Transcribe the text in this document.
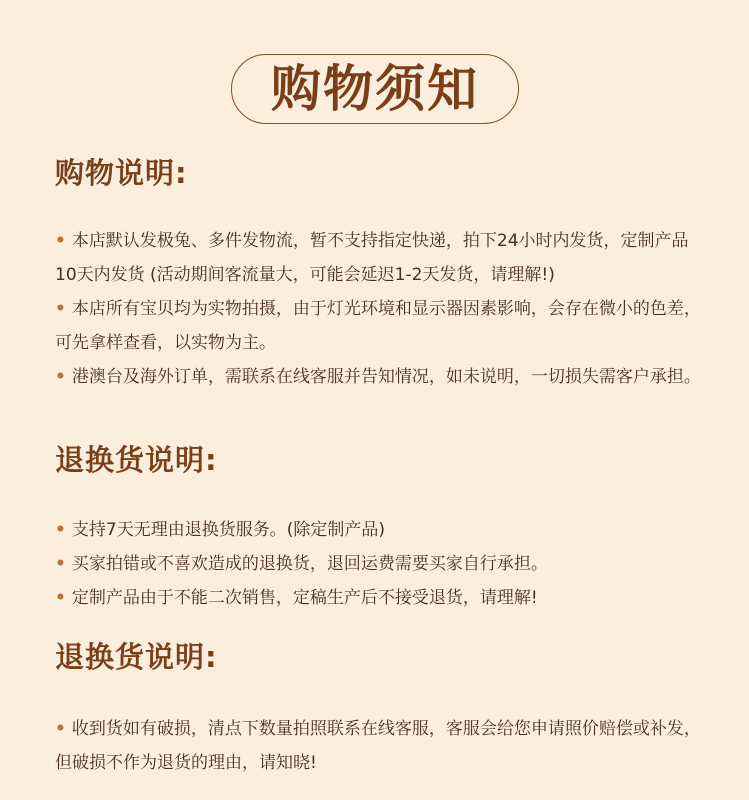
购物须知
购物说明:

• 本店默认发极兔、多件发物流，暂不支持指定快递，拍下24小时内发货，定制产品10天内发货 (活动期间客流量大，可能会延迟1-2天发货，请理解!)

• 本店所有宝贝均为实物拍摄，由于灯光环境和显示器因素影响，会存在微小的色差，可先拿样查看，以实物为主。

• 港澳台及海外订单，需联系在线客服并告知情况，如未说明，一切损失需客户承担。

退换货说明:

• 支持7天无理由退换货服务。(除定制产品)

• 买家拍错或不喜欢造成的退换货，退回运费需要买家自行承担。

• 定制产品由于不能二次销售，定稿生产后不接受退货，请理解!

退换货说明:

• 收到货如有破损，清点下数量拍照联系在线客服，客服会给您申请照价赔偿或补发，但破损不作为退货的理由，请知晓!
